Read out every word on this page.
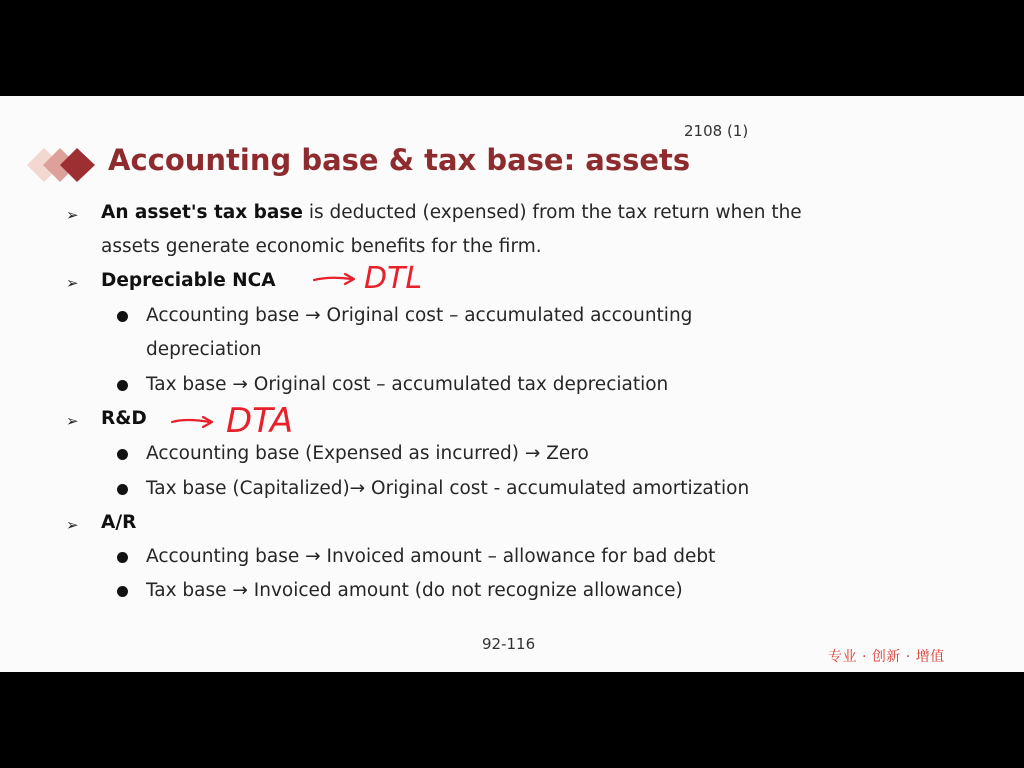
2108 (1)
Accounting base & tax base: assets
➢ An asset's tax base is deducted (expensed) from the tax return when the
assets generate economic benefits for the firm.
➢ Depreciable NCA	DTL
Accounting base → Original cost – accumulated accounting
depreciation
Tax base → Original cost – accumulated tax depreciation
➢ R&D DTA
Accounting base (Expensed as incurred) → Zero
Tax base (Capitalized)→ Original cost - accumulated amortization
➢ A/R
Accounting base → Invoiced amount – allowance for bad debt
Tax base → Invoiced amount (do not recognize allowance)
92-116
专业 · 创新 · 增值
